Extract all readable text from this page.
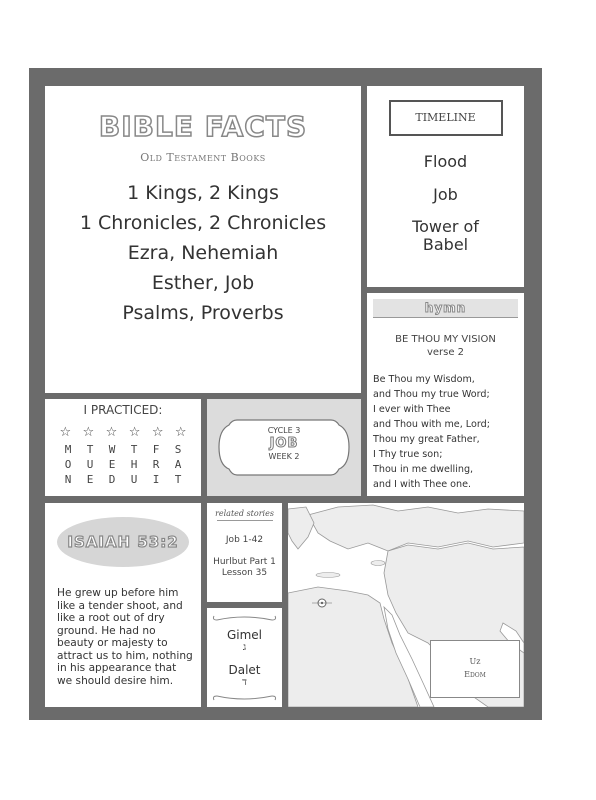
BIBLE FACTS
Old Testament Books
1 Kings, 2 Kings
1 Chronicles, 2 Chronicles
Ezra, Nehemiah
Esther, Job
Psalms, Proverbs
TIMELINE
Flood
Job
Tower of Babel
hymn
BE THOU MY VISION
verse 2
Be Thou my Wisdom,
and Thou my true Word;
I ever with Thee
and Thou with me, Lord;
Thou my great Father,
I Thy true son;
Thou in me dwelling,
and I with Thee one.
I PRACTICED:
☆ ☆ ☆ ☆ ☆ ☆
M	T	W	T	F	S
O	U	E	H	R	A
N	E	D	U	I	T
CYCLE 3
JOB
WEEK 2
ISAIAH 53:2
He grew up before him like a tender shoot, and like a root out of dry ground. He had no beauty or majesty to attract us to him, nothing in his appearance that we should desire him.
related stories
Job 1-42
Hurlbut Part 1 Lesson 35
Gimel
ג
Dalet
ד
Uz
Edom
